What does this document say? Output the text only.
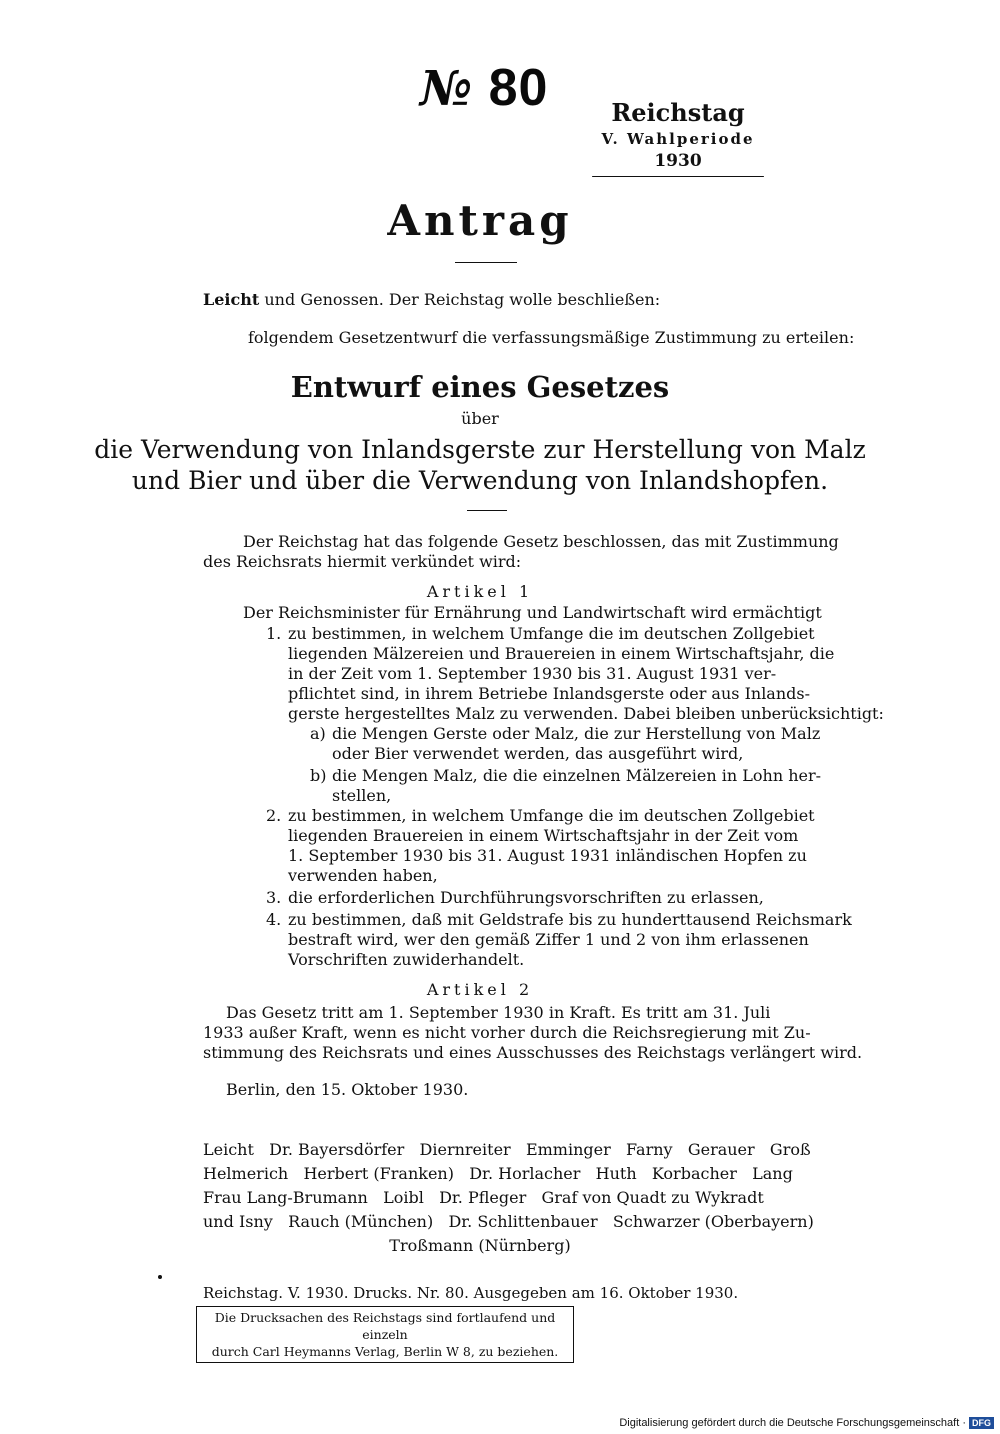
№ 80	Reichstag
V. Wahlperiode
1930
Antrag
Leicht und Genossen. Der Reichstag wolle beschließen:
folgendem Gesetzentwurf die verfassungsmäßige Zustimmung zu erteilen:
Entwurf eines Gesetzes
über
die Verwendung von Inlandsgerste zur Herstellung von Malz
und Bier und über die Verwendung von Inlandshopfen.
Der Reichstag hat das folgende Gesetz beschlossen, das mit Zustimmung
des Reichsrats hiermit verkündet wird:
Artikel 1
Der Reichsminister für Ernährung und Landwirtschaft wird ermächtigt
1. zu bestimmen, in welchem Umfange die im deutschen Zollgebiet
liegenden Mälzereien und Brauereien in einem Wirtschaftsjahr, die
in der Zeit vom 1. September 1930 bis 31. August 1931 ver-
pflichtet sind, in ihrem Betriebe Inlandsgerste oder aus Inlands-
gerste hergestelltes Malz zu verwenden. Dabei bleiben unberücksichtigt:
a) die Mengen Gerste oder Malz, die zur Herstellung von Malz
oder Bier verwendet werden, das ausgeführt wird,
b) die Mengen Malz, die die einzelnen Mälzereien in Lohn her-
stellen,
2. zu bestimmen, in welchem Umfange die im deutschen Zollgebiet
liegenden Brauereien in einem Wirtschaftsjahr in der Zeit vom
1. September 1930 bis 31. August 1931 inländischen Hopfen zu
verwenden haben,
3. die erforderlichen Durchführungsvorschriften zu erlassen,
4. zu bestimmen, daß mit Geldstrafe bis zu hunderttausend Reichsmark
bestraft wird, wer den gemäß Ziffer 1 und 2 von ihm erlassenen
Vorschriften zuwiderhandelt.
Artikel 2
Das Gesetz tritt am 1. September 1930 in Kraft. Es tritt am 31. Juli
1933 außer Kraft, wenn es nicht vorher durch die Reichsregierung mit Zu-
stimmung des Reichsrats und eines Ausschusses des Reichstags verlängert wird.
Berlin, den 15. Oktober 1930.
Leicht   Dr. Bayersdörfer   Diernreiter   Emminger   Farny   Gerauer   Groß
Helmerich   Herbert (Franken)   Dr. Horlacher   Huth   Korbacher   Lang
Frau Lang-Brumann   Loibl   Dr. Pfleger   Graf von Quadt zu Wykradt
und Isny   Rauch (München)   Dr. Schlittenbauer   Schwarzer (Oberbayern)
Troßmann (Nürnberg)
Reichstag. V. 1930. Drucks. Nr. 80. Ausgegeben am 16. Oktober 1930.
Die Drucksachen des Reichstags sind fortlaufend und einzeln
durch Carl Heymanns Verlag, Berlin W 8, zu beziehen.
Digitalisierung gefördert durch die Deutsche Forschungsgemeinschaft · DFG
